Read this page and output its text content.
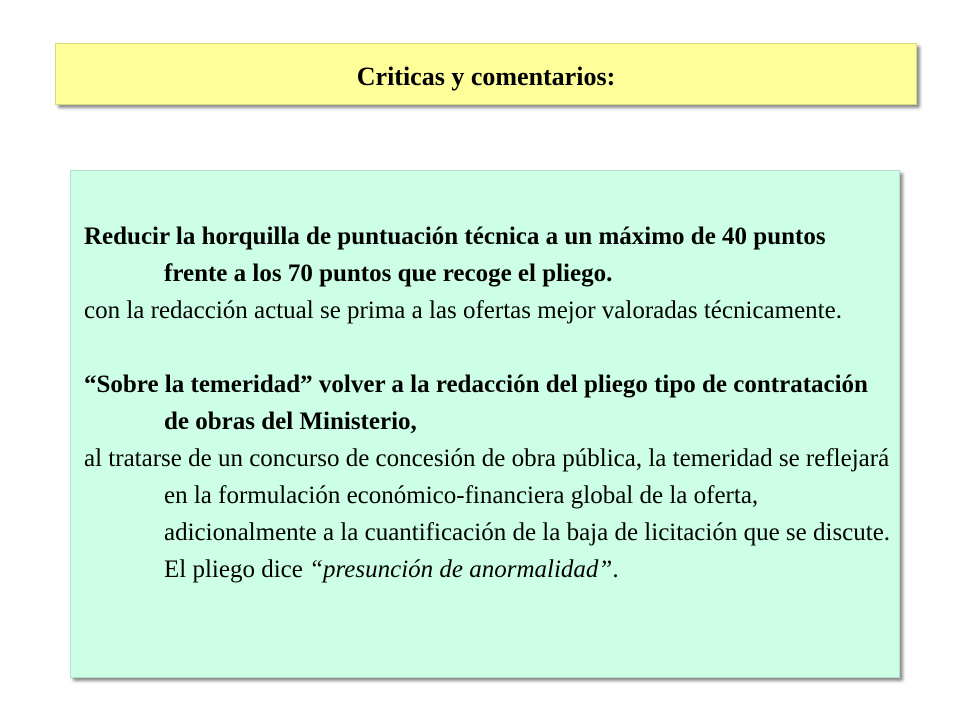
Criticas y comentarios:

Reducir la horquilla de puntuación técnica a un máximo de 40 puntos frente a los 70 puntos que recoge el pliego.

con la redacción actual se prima a las ofertas mejor valoradas técnicamente.

“Sobre la temeridad” volver a la redacción del pliego tipo de contratación de obras del Ministerio,

al tratarse de un concurso de concesión de obra pública, la temeridad se reflejará en la formulación económico-financiera global de la oferta, adicionalmente a la cuantificación de la baja de licitación que se discute. El pliego dice “presunción de anormalidad”.
